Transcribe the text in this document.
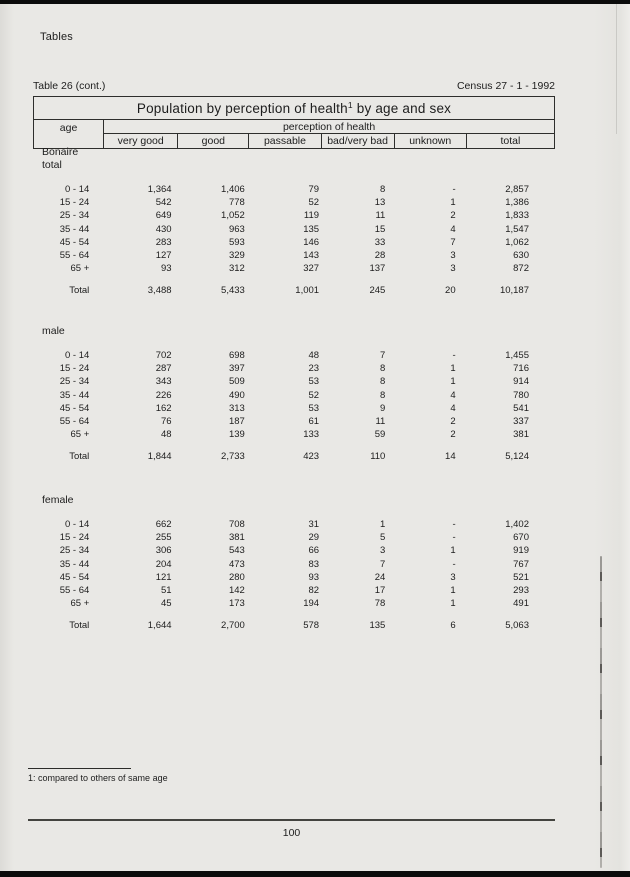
Tables
Table 26 (cont.)	Census 27 - 1 - 1992
Population by perception of health$^1$ by age and sex						
age	perception of health					
	very good	good	passable	bad/very bad	unknown	total
Bonaire
total
0 - 14	1,364	1,406	79	8	-	2,857
15 - 24	542	778	52	13	1	1,386
25 - 34	649	1,052	119	11	2	1,833
35 - 44	430	963	135	15	4	1,547
45 - 54	283	593	146	33	7	1,062
55 - 64	127	329	143	28	3	630
65 +	93	312	327	137	3	872

Total	3,488	5,433	1,001	245	20	10,187
male
0 - 14	702	698	48	7	-	1,455
15 - 24	287	397	23	8	1	716
25 - 34	343	509	53	8	1	914
35 - 44	226	490	52	8	4	780
45 - 54	162	313	53	9	4	541
55 - 64	76	187	61	11	2	337
65 +	48	139	133	59	2	381

Total	1,844	2,733	423	110	14	5,124
female
0 - 14	662	708	31	1	-	1,402
15 - 24	255	381	29	5	-	670
25 - 34	306	543	66	3	1	919
35 - 44	204	473	83	7	-	767
45 - 54	121	280	93	24	3	521
55 - 64	51	142	82	17	1	293
65 +	45	173	194	78	1	491

Total	1,644	2,700	578	135	6	5,063
1: compared to others of same age
100
